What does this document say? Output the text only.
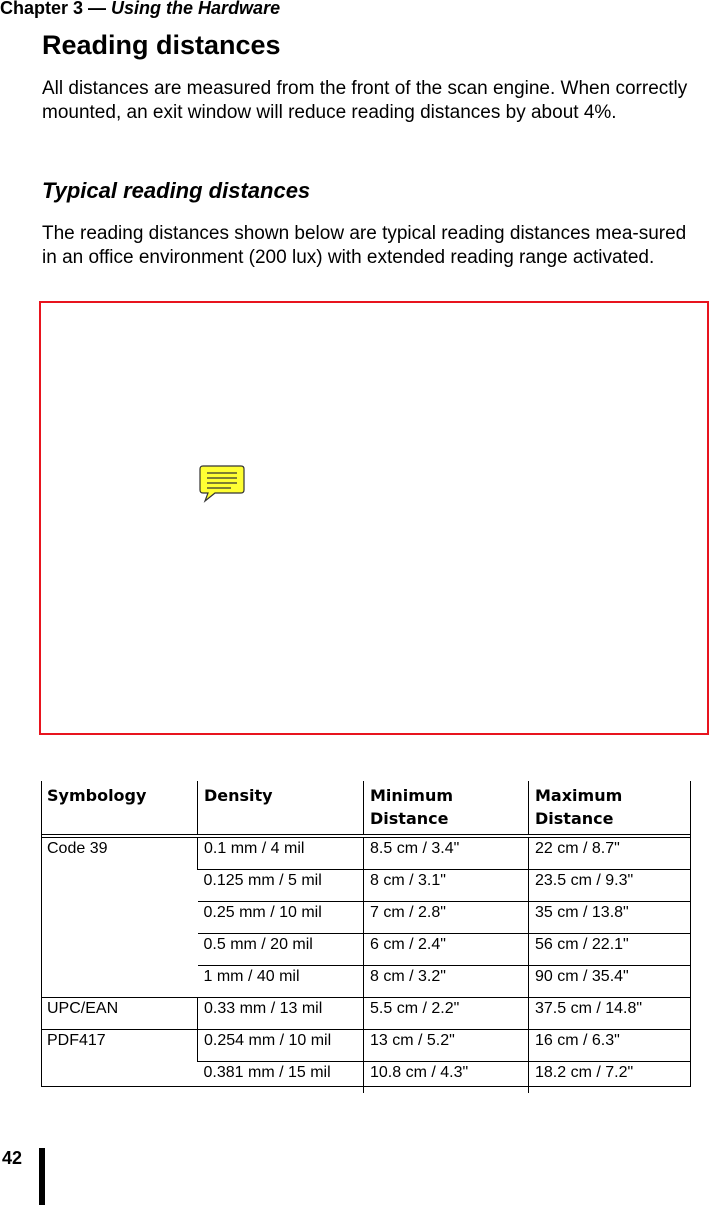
Chapter 3 — Using the Hardware
Reading distances

All distances are measured from the front of the scan engine. When correctly mounted, an exit window will reduce reading distances by about 4%.

Typical reading distances

The reading distances shown below are typical reading distances mea-sured in an office environment (200 lux) with extended reading range activated.

Symbology	Density	Minimum Distance	Maximum Distance
Code 39	0.1 mm / 4 mil	8.5 cm / 3.4"	22 cm / 8.7"
	0.125 mm / 5 mil	8 cm / 3.1"	23.5 cm / 9.3"
	0.25 mm / 10 mil	7 cm / 2.8"	35 cm / 13.8"
	0.5 mm / 20 mil	6 cm / 2.4"	56 cm / 22.1"
	1 mm / 40 mil	8 cm / 3.2"	90 cm / 35.4"
UPC/EAN	0.33 mm / 13 mil	5.5 cm / 2.2"	37.5 cm / 14.8"
PDF417	0.254 mm / 10 mil	13 cm / 5.2"	16 cm / 6.3"
	0.381 mm / 15 mil	10.8 cm / 4.3"	18.2 cm / 7.2"
42
